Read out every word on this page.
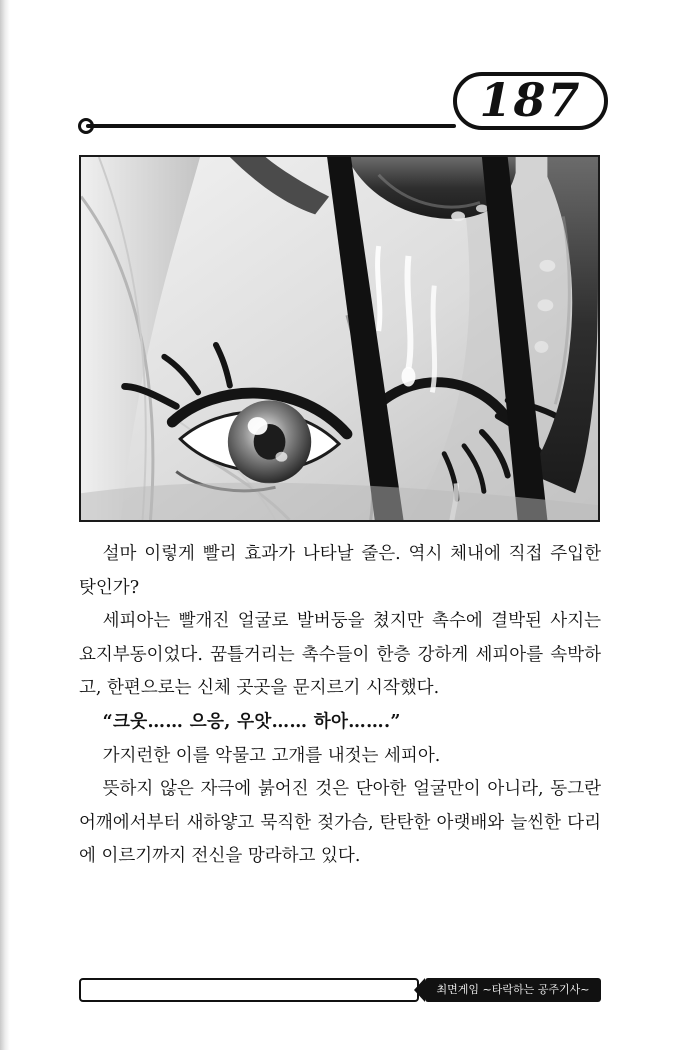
187

설마 이렇게 빨리 효과가 나타날 줄은. 역시 체내에 직접 주입한 탓인가?

세피아는 빨개진 얼굴로 발버둥을 쳤지만 촉수에 결박된 사지는 요지부동이었다. 꿈틀거리는 촉수들이 한층 강하게 세피아를 속박하고, 한편으로는 신체 곳곳을 문지르기 시작했다.

“크웃…… 으응, 우앗…… 하아…….”

가지런한 이를 악물고 고개를 내젓는 세피아.

뜻하지 않은 자극에 붉어진 것은 단아한 얼굴만이 아니라, 동그란 어깨에서부터 새하얗고 묵직한 젖가슴, 탄탄한 아랫배와 늘씬한 다리에 이르기까지 전신을 망라하고 있다.

최면게임 ~타락하는 공주기사~
